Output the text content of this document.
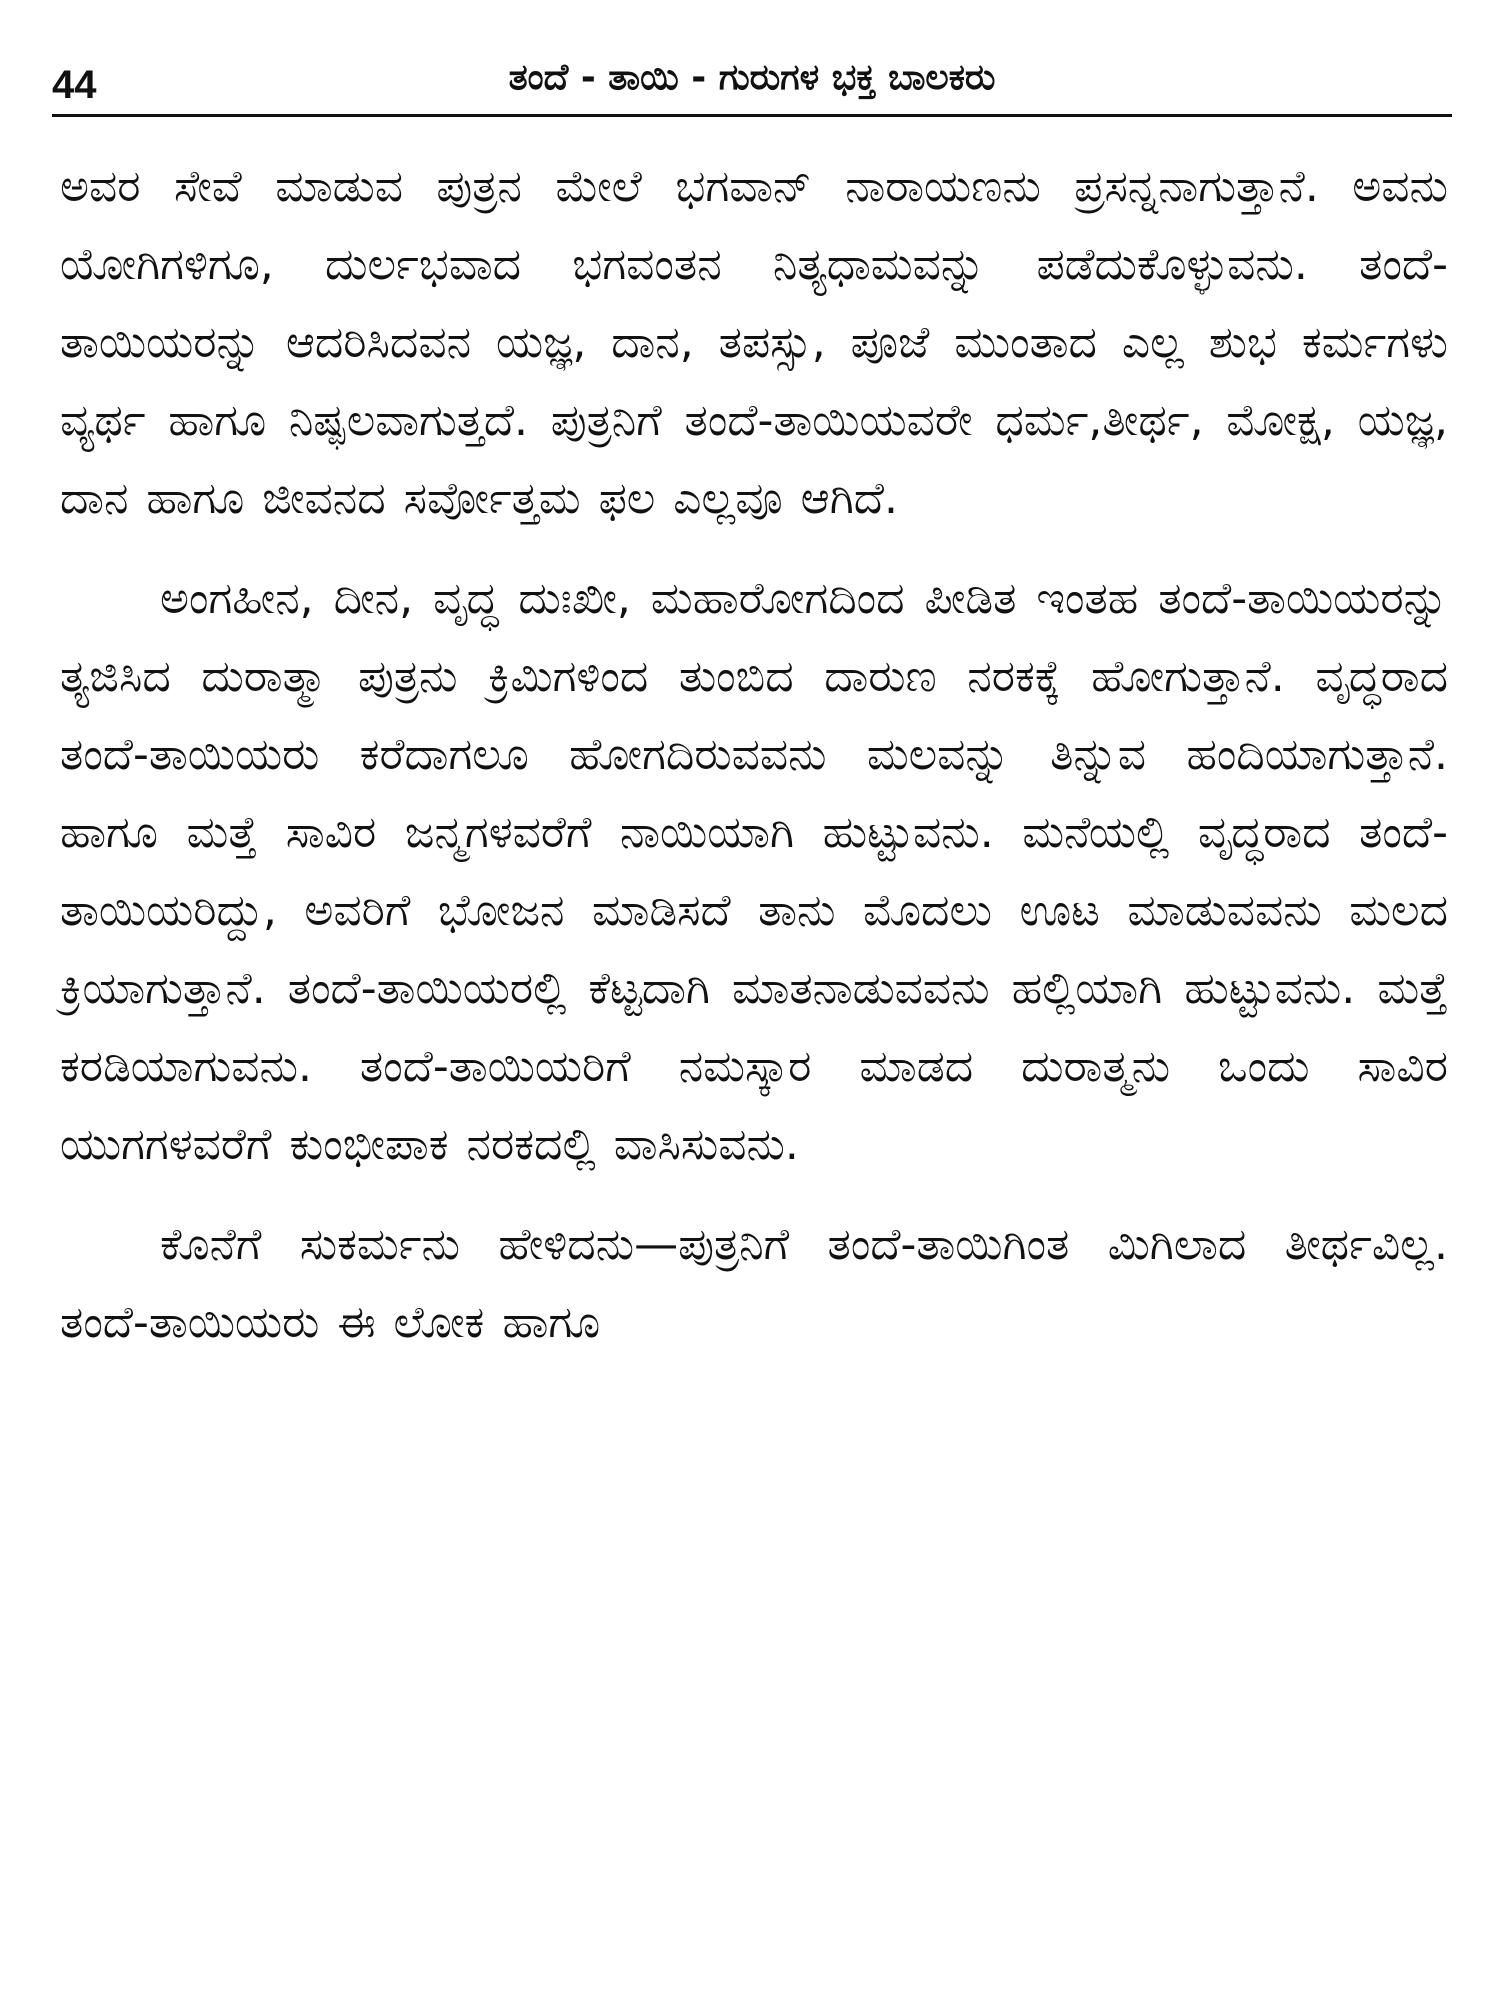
44	ತಂದೆ - ತಾಯಿ - ಗುರುಗಳ ಭಕ್ತ ಬಾಲಕರು

ಅವರ ಸೇವೆ ಮಾಡುವ ಪುತ್ರನ ಮೇಲೆ ಭಗವಾನ್ ನಾರಾಯಣನು ಪ್ರಸನ್ನನಾಗುತ್ತಾನೆ. ಅವನು ಯೋಗಿಗಳಿಗೂ, ದುರ್ಲಭವಾದ ಭಗವಂತನ ನಿತ್ಯಧಾಮವನ್ನು ಪಡೆದುಕೊಳ್ಳುವನು. ತಂದೆ-ತಾಯಿಯರನ್ನು ಆದರಿಸಿದವನ ಯಜ್ಞ, ದಾನ, ತಪಸ್ಸು, ಪೂಜೆ ಮುಂತಾದ ಎಲ್ಲ ಶುಭ ಕರ್ಮಗಳು ವ್ಯರ್ಥ ಹಾಗೂ ನಿಷ್ಫಲವಾಗುತ್ತದೆ. ಪುತ್ರನಿಗೆ ತಂದೆ-ತಾಯಿಯವರೇ ಧರ್ಮ,ತೀರ್ಥ, ಮೋಕ್ಷ, ಯಜ್ಞ, ದಾನ ಹಾಗೂ ಜೀವನದ ಸರ್ವೋತ್ತಮ ಫಲ ಎಲ್ಲವೂ ಆಗಿದೆ.

ಅಂಗಹೀನ, ದೀನ, ವೃದ್ಧ ದುಃಖೀ, ಮಹಾರೋಗದಿಂದ ಪೀಡಿತ ಇಂತಹ ತಂದೆ-ತಾಯಿಯರನ್ನು ತ್ಯಜಿಸಿದ ದುರಾತ್ಮಾ ಪುತ್ರನು ಕ್ರಿಮಿಗಳಿಂದ ತುಂಬಿದ ದಾರುಣ ನರಕಕ್ಕೆ ಹೋಗುತ್ತಾನೆ. ವೃದ್ಧರಾದ ತಂದೆ-ತಾಯಿಯರು ಕರೆದಾಗಲೂ ಹೋಗದಿರುವವನು ಮಲವನ್ನು ತಿನ್ನುವ ಹಂದಿಯಾಗುತ್ತಾನೆ. ಹಾಗೂ ಮತ್ತೆ ಸಾವಿರ ಜನ್ಮಗಳವರೆಗೆ ನಾಯಿಯಾಗಿ ಹುಟ್ಟುವನು. ಮನೆಯಲ್ಲಿ ವೃದ್ಧರಾದ ತಂದೆ-ತಾಯಿಯರಿದ್ದು, ಅವರಿಗೆ ಭೋಜನ ಮಾಡಿಸದೆ ತಾನು ಮೊದಲು ಊಟ ಮಾಡುವವನು ಮಲದ ಕ್ರಿಯಾಗುತ್ತಾನೆ. ತಂದೆ-ತಾಯಿಯರಲ್ಲಿ ಕೆಟ್ಟದಾಗಿ ಮಾತನಾಡುವವನು ಹಲ್ಲಿಯಾಗಿ ಹುಟ್ಟುವನು. ಮತ್ತೆ ಕರಡಿಯಾಗುವನು. ತಂದೆ-ತಾಯಿಯರಿಗೆ ನಮಸ್ಕಾರ ಮಾಡದ ದುರಾತ್ಮನು ಒಂದು ಸಾವಿರ ಯುಗಗಳವರೆಗೆ ಕುಂಭೀಪಾಕ ನರಕದಲ್ಲಿ ವಾಸಿಸುವನು.

ಕೊನೆಗೆ ಸುಕರ್ಮನು ಹೇಳಿದನು—ಪುತ್ರನಿಗೆ ತಂದೆ-ತಾಯಿಗಿಂತ ಮಿಗಿಲಾದ ತೀರ್ಥವಿಲ್ಲ. ತಂದೆ-ತಾಯಿಯರು ಈ ಲೋಕ ಹಾಗೂ
